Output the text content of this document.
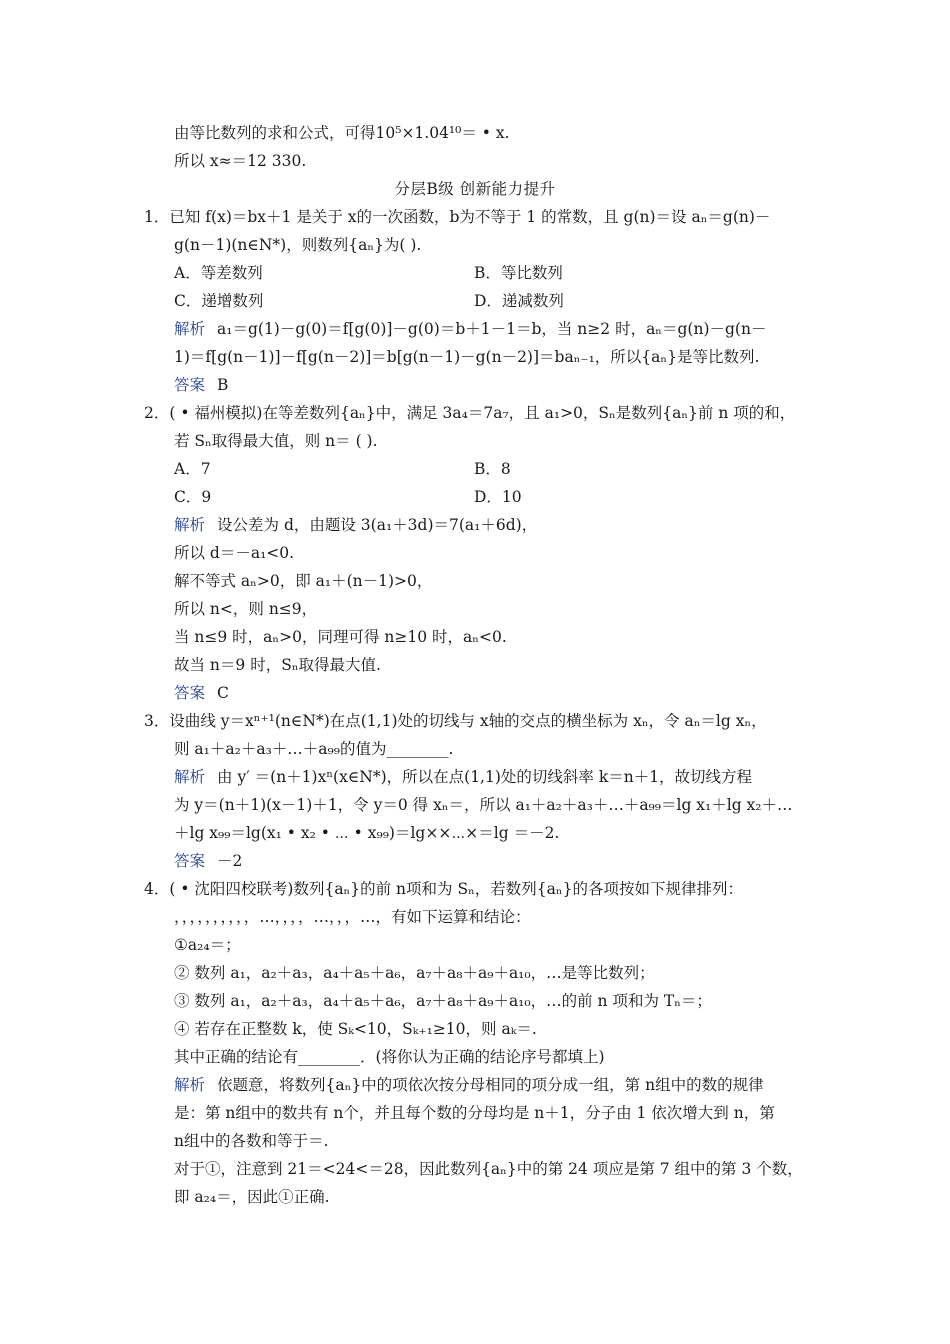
由等比数列的求和公式，可得10⁵×1.04¹⁰＝ • x.
所以 x≈＝12 330.
分层B级 创新能力提升
1．已知 f(x)＝bx＋1 是关于 x的一次函数，b为不等于 1 的常数，且 g(n)＝设 aₙ＝g(n)－
g(n－1)(n∈N*)，则数列{aₙ}为( ).
A．等差数列	B．等比数列
C．递增数列	D．递减数列
解析 a₁＝g(1)－g(0)＝f[g(0)]－g(0)＝b＋1－1＝b，当 n≥2 时，aₙ＝g(n)－g(n－
1)＝f[g(n－1)]－f[g(n－2)]＝b[g(n－1)－g(n－2)]＝baₙ₋₁，所以{aₙ}是等比数列.
答案 B
2．( • 福州模拟)在等差数列{aₙ}中，满足 3a₄＝7a₇，且 a₁>0，Sₙ是数列{aₙ}前 n 项的和，
若 Sₙ取得最大值，则 n＝ ( ).
A．7	B．8
C．9	D．10
解析 设公差为 d，由题设 3(a₁＋3d)＝7(a₁＋6d)，
所以 d＝－a₁<0.
解不等式 aₙ>0，即 a₁＋(n－1)>0，
所以 n<，则 n≤9，
当 n≤9 时，aₙ>0，同理可得 n≥10 时，aₙ<0.
故当 n＝9 时，Sₙ取得最大值.
答案 C
3．设曲线 y＝xⁿ⁺¹(n∈N*)在点(1,1)处的切线与 x轴的交点的横坐标为 xₙ，令 aₙ＝lg xₙ，
则 a₁＋a₂＋a₃＋…＋a₉₉的值为________.
解析 由 y′ ＝(n＋1)xⁿ(x∈N*)，所以在点(1,1)处的切线斜率 k＝n＋1，故切线方程
为 y＝(n＋1)(x－1)＋1，令 y＝0 得 xₙ＝，所以 a₁＋a₂＋a₃＋…＋a₉₉＝lg x₁＋lg x₂＋…
＋lg x₉₉＝lg(x₁ • x₂ • ⋯ • x₉₉)＝lg××⋯×＝lg ＝－2.
答案 －2
4．( • 沈阳四校联考)数列{aₙ}的前 n项和为 Sₙ，若数列{aₙ}的各项按如下规律排列：
，，，，，，，，，，…，，，，…，，，…，有如下运算和结论：
①a₂₄＝；
② 数列 a₁，a₂＋a₃，a₄＋a₅＋a₆，a₇＋a₈＋a₉＋a₁₀，…是等比数列；
③ 数列 a₁，a₂＋a₃，a₄＋a₅＋a₆，a₇＋a₈＋a₉＋a₁₀，…的前 n 项和为 Tₙ＝；
④ 若存在正整数 k，使 Sₖ<10，Sₖ₊₁≥10，则 aₖ＝.
其中正确的结论有________．(将你认为正确的结论序号都填上)
解析 依题意，将数列{aₙ}中的项依次按分母相同的项分成一组，第 n组中的数的规律
是：第 n组中的数共有 n个，并且每个数的分母均是 n＋1，分子由 1 依次增大到 n，第
n组中的各数和等于＝.
对于①，注意到 21＝<24<＝28，因此数列{aₙ}中的第 24 项应是第 7 组中的第 3 个数，
即 a₂₄＝，因此①正确.
